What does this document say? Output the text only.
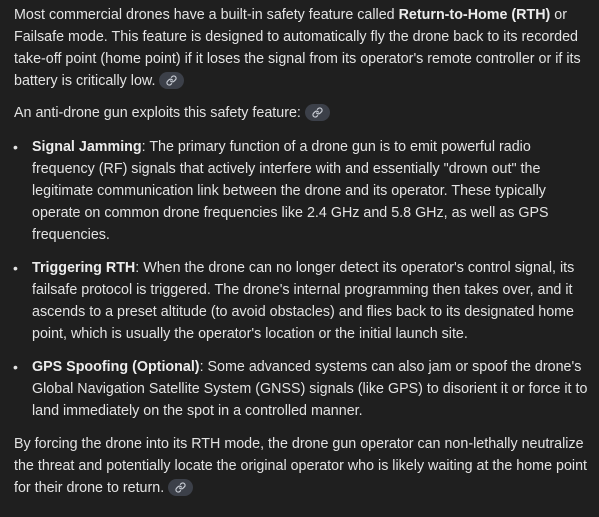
Most commercial drones have a built-in safety feature called Return-to-Home (RTH) or Failsafe mode. This feature is designed to automatically fly the drone back to its recorded take-off point (home point) if it loses the signal from its operator's remote controller or if its battery is critically low.

An anti-drone gun exploits this safety feature:

• Signal Jamming: The primary function of a drone gun is to emit powerful radio frequency (RF) signals that actively interfere with and essentially "drown out" the legitimate communication link between the drone and its operator. These typically operate on common drone frequencies like 2.4 GHz and 5.8 GHz, as well as GPS frequencies.
• Triggering RTH: When the drone can no longer detect its operator's control signal, its failsafe protocol is triggered. The drone's internal programming then takes over, and it ascends to a preset altitude (to avoid obstacles) and flies back to its designated home point, which is usually the operator's location or the initial launch site.
• GPS Spoofing (Optional): Some advanced systems can also jam or spoof the drone's Global Navigation Satellite System (GNSS) signals (like GPS) to disorient it or force it to land immediately on the spot in a controlled manner.

By forcing the drone into its RTH mode, the drone gun operator can non-lethally neutralize the threat and potentially locate the original operator who is likely waiting at the home point for their drone to return.
